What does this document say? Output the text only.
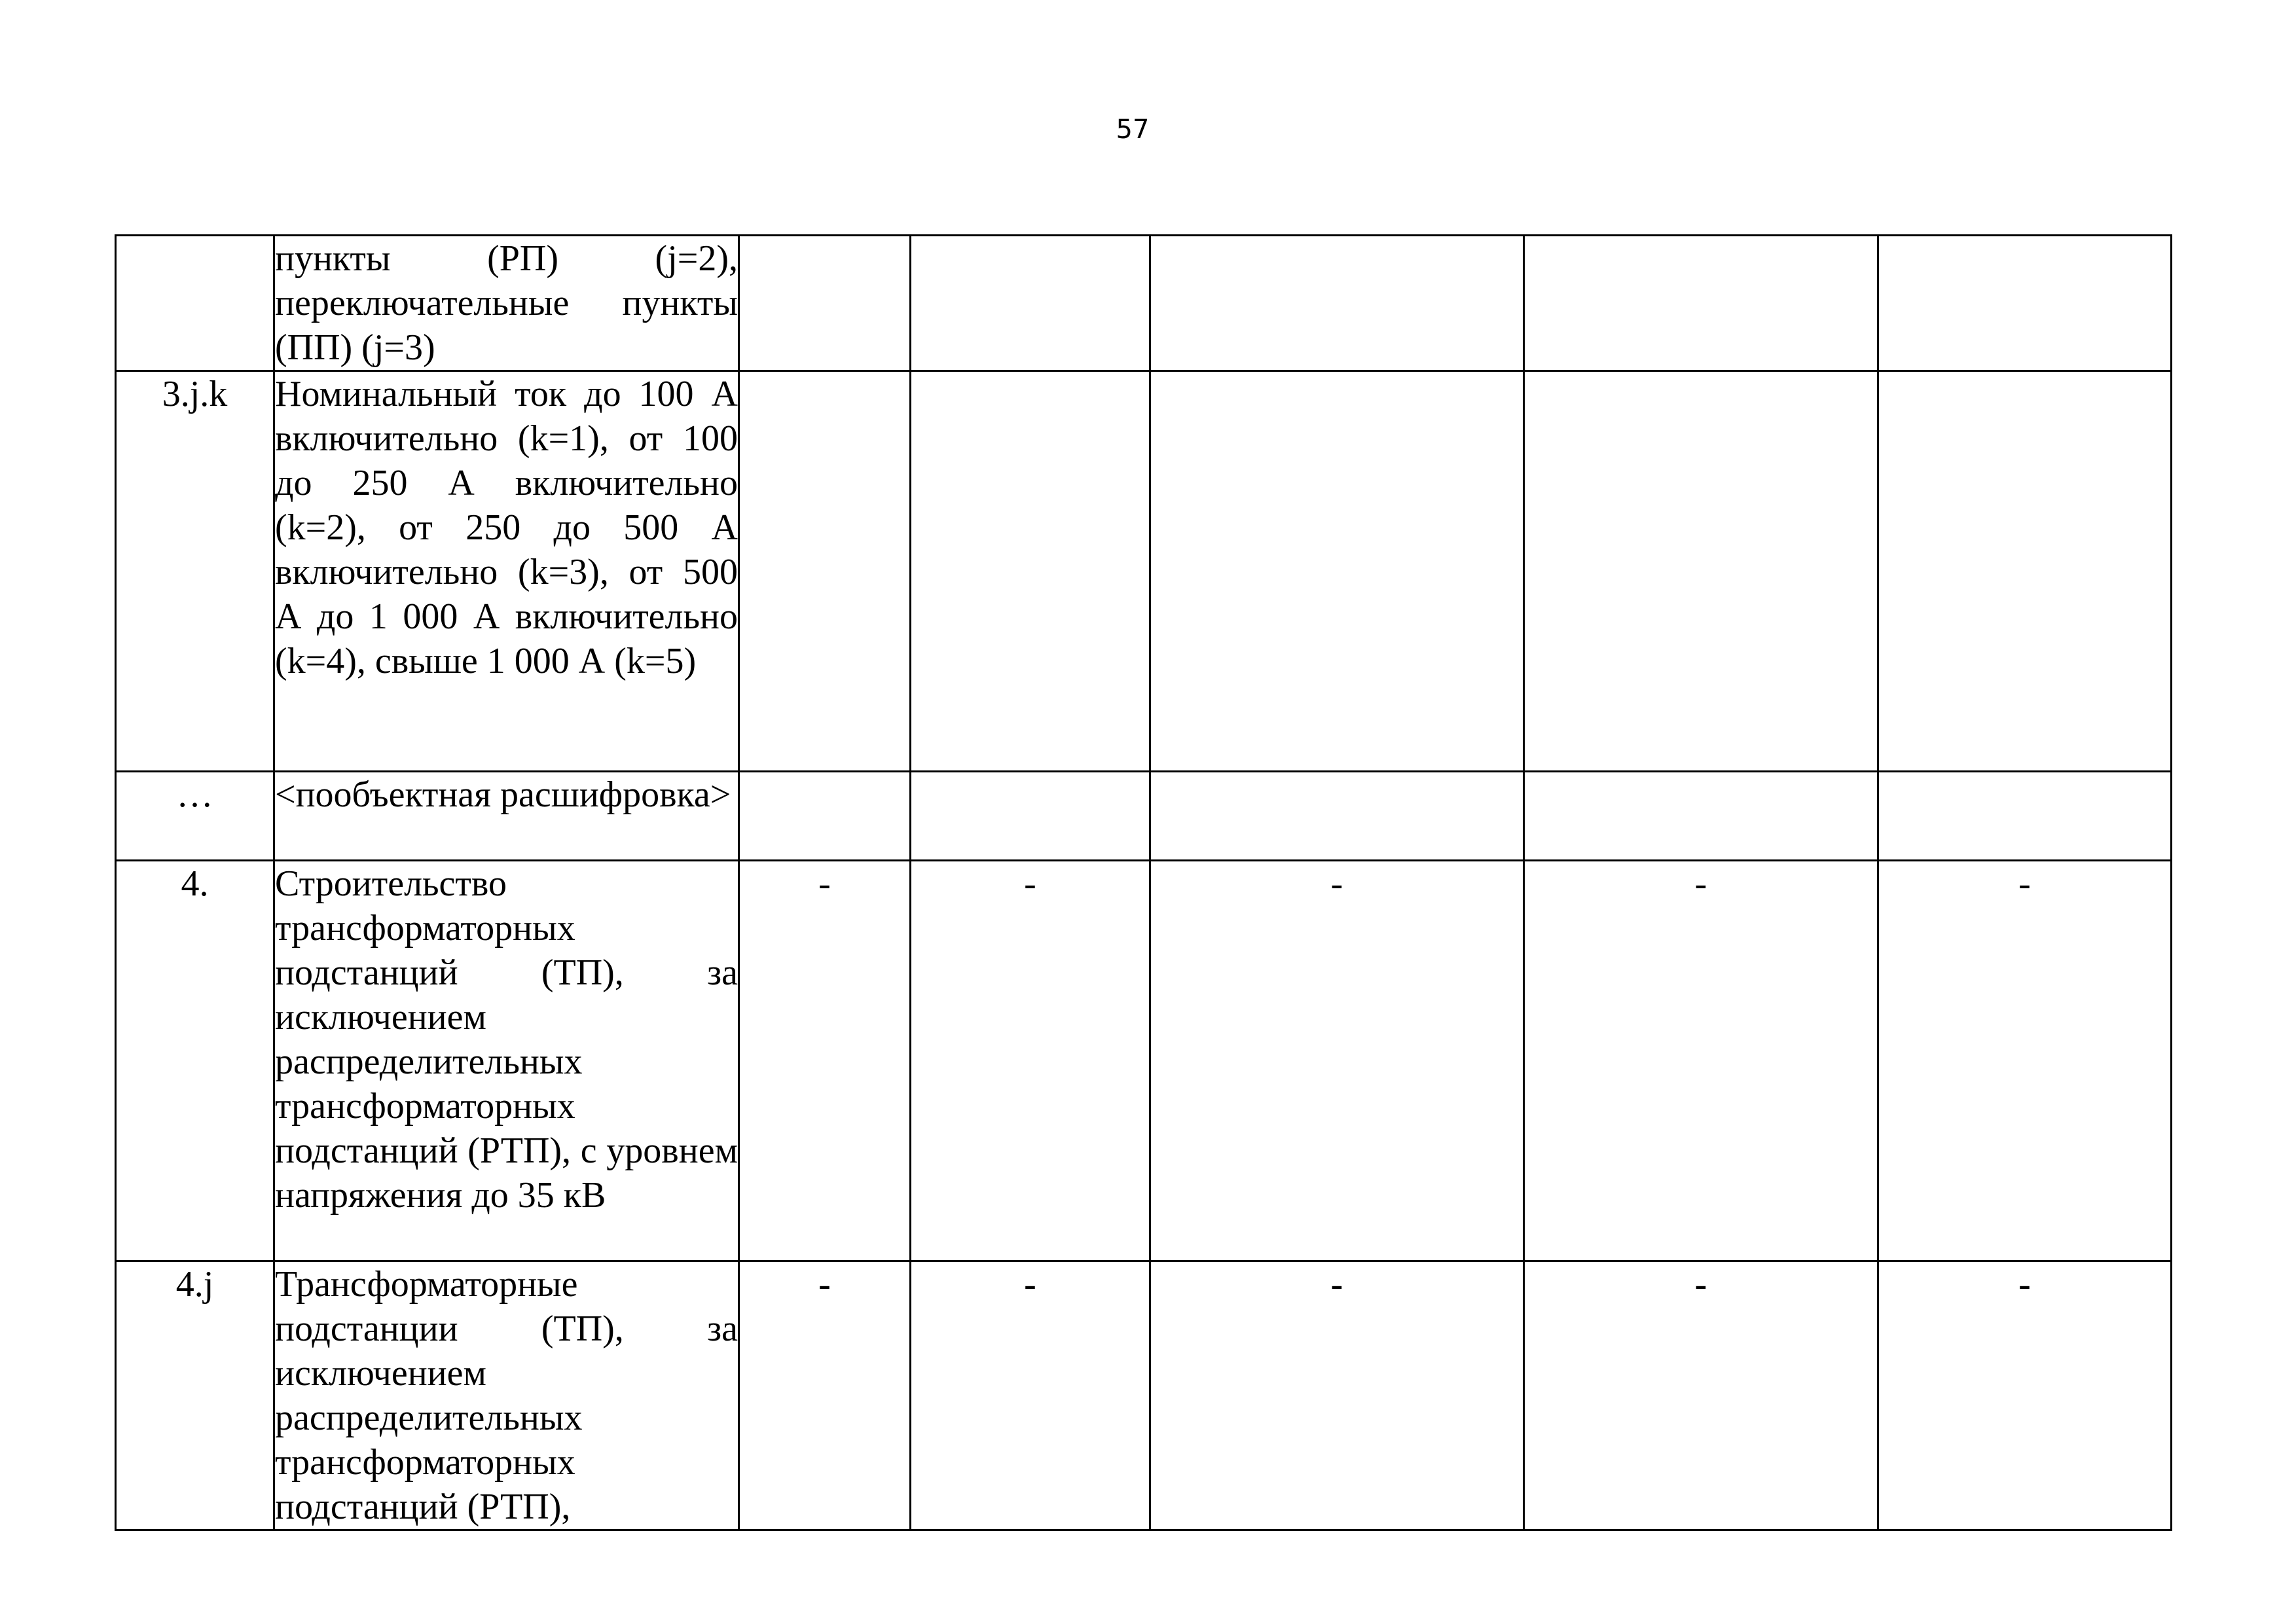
57
	пункты (РП) (j=2), переключательные пункты (ПП) (j=3)					
3.j.k	Номинальный ток до 100 А включительно (k=1), от 100 до 250 А включительно (k=2), от 250 до 500 А включительно (k=3), от 500 А до 1 000 А включительно (k=4), свыше 1 000 А (k=5)					
…	<пообъектная расшифровка>					
4.	Строительство трансформаторных подстанций (ТП), за исключением распределительных трансформаторных подстанций (РТП), с уровнем напряжения до 35 кВ	-	-	-	-	-
4.j	Трансформаторные подстанции (ТП), за исключением распределительных трансформаторных подстанций (РТП),	-	-	-	-	-
